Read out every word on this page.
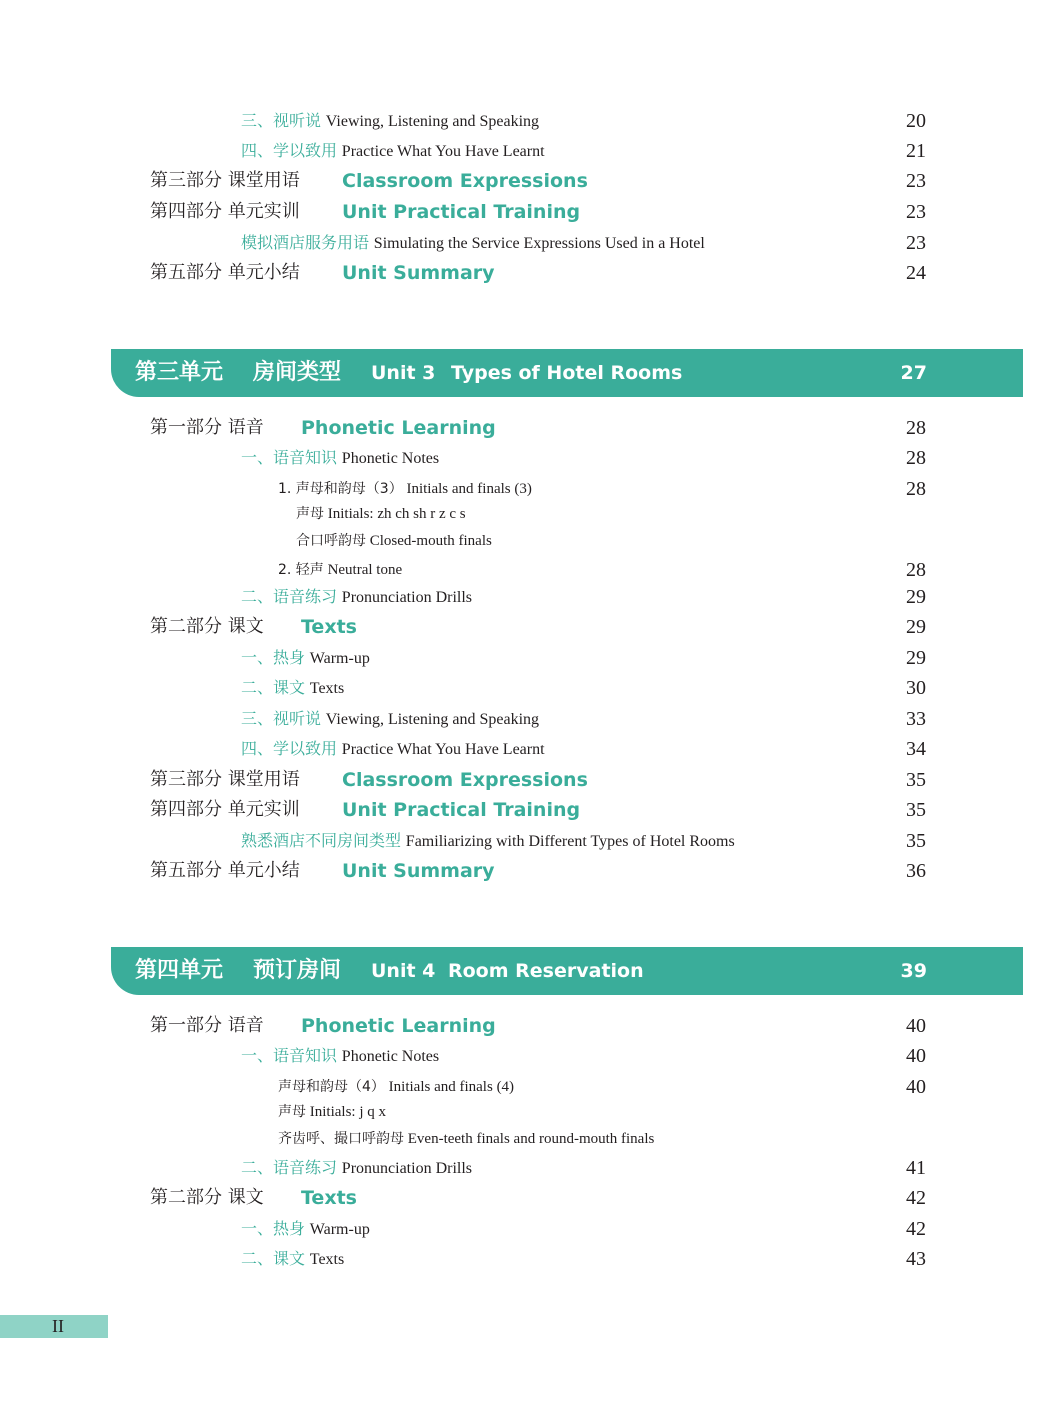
三、视听说 Viewing, Listening and Speaking	20
四、学以致用 Practice What You Have Learnt	21
第三部分 课堂用语 Classroom Expressions	23
第四部分 单元实训 Unit Practical Training	23
模拟酒店服务用语 Simulating the Service Expressions Used in a Hotel	23
第五部分 单元小结 Unit Summary	24
第三单元 房间类型 Unit 3 Types of Hotel Rooms	27
第一部分 语音 Phonetic Learning	28
一、语音知识 Phonetic Notes	28
1. 声母和韵母（3） Initials and finals (3)	28
声母 Initials: zh ch sh r z c s
合口呼韵母 Closed-mouth finals
2. 轻声 Neutral tone	28
二、语音练习 Pronunciation Drills	29
第二部分 课文 Texts	29
一、热身 Warm-up	29
二、课文 Texts	30
三、视听说 Viewing, Listening and Speaking	33
四、学以致用 Practice What You Have Learnt	34
第三部分 课堂用语 Classroom Expressions	35
第四部分 单元实训 Unit Practical Training	35
熟悉酒店不同房间类型 Familiarizing with Different Types of Hotel Rooms	35
第五部分 单元小结 Unit Summary	36
第四单元 预订房间 Unit 4 Room Reservation	39
第一部分 语音 Phonetic Learning	40
一、语音知识 Phonetic Notes	40
声母和韵母（4） Initials and finals (4)	40
声母 Initials: j q x
齐齿呼、撮口呼韵母 Even-teeth finals and round-mouth finals
二、语音练习 Pronunciation Drills	41
第二部分 课文 Texts	42
一、热身 Warm-up	42
二、课文 Texts	43
II
